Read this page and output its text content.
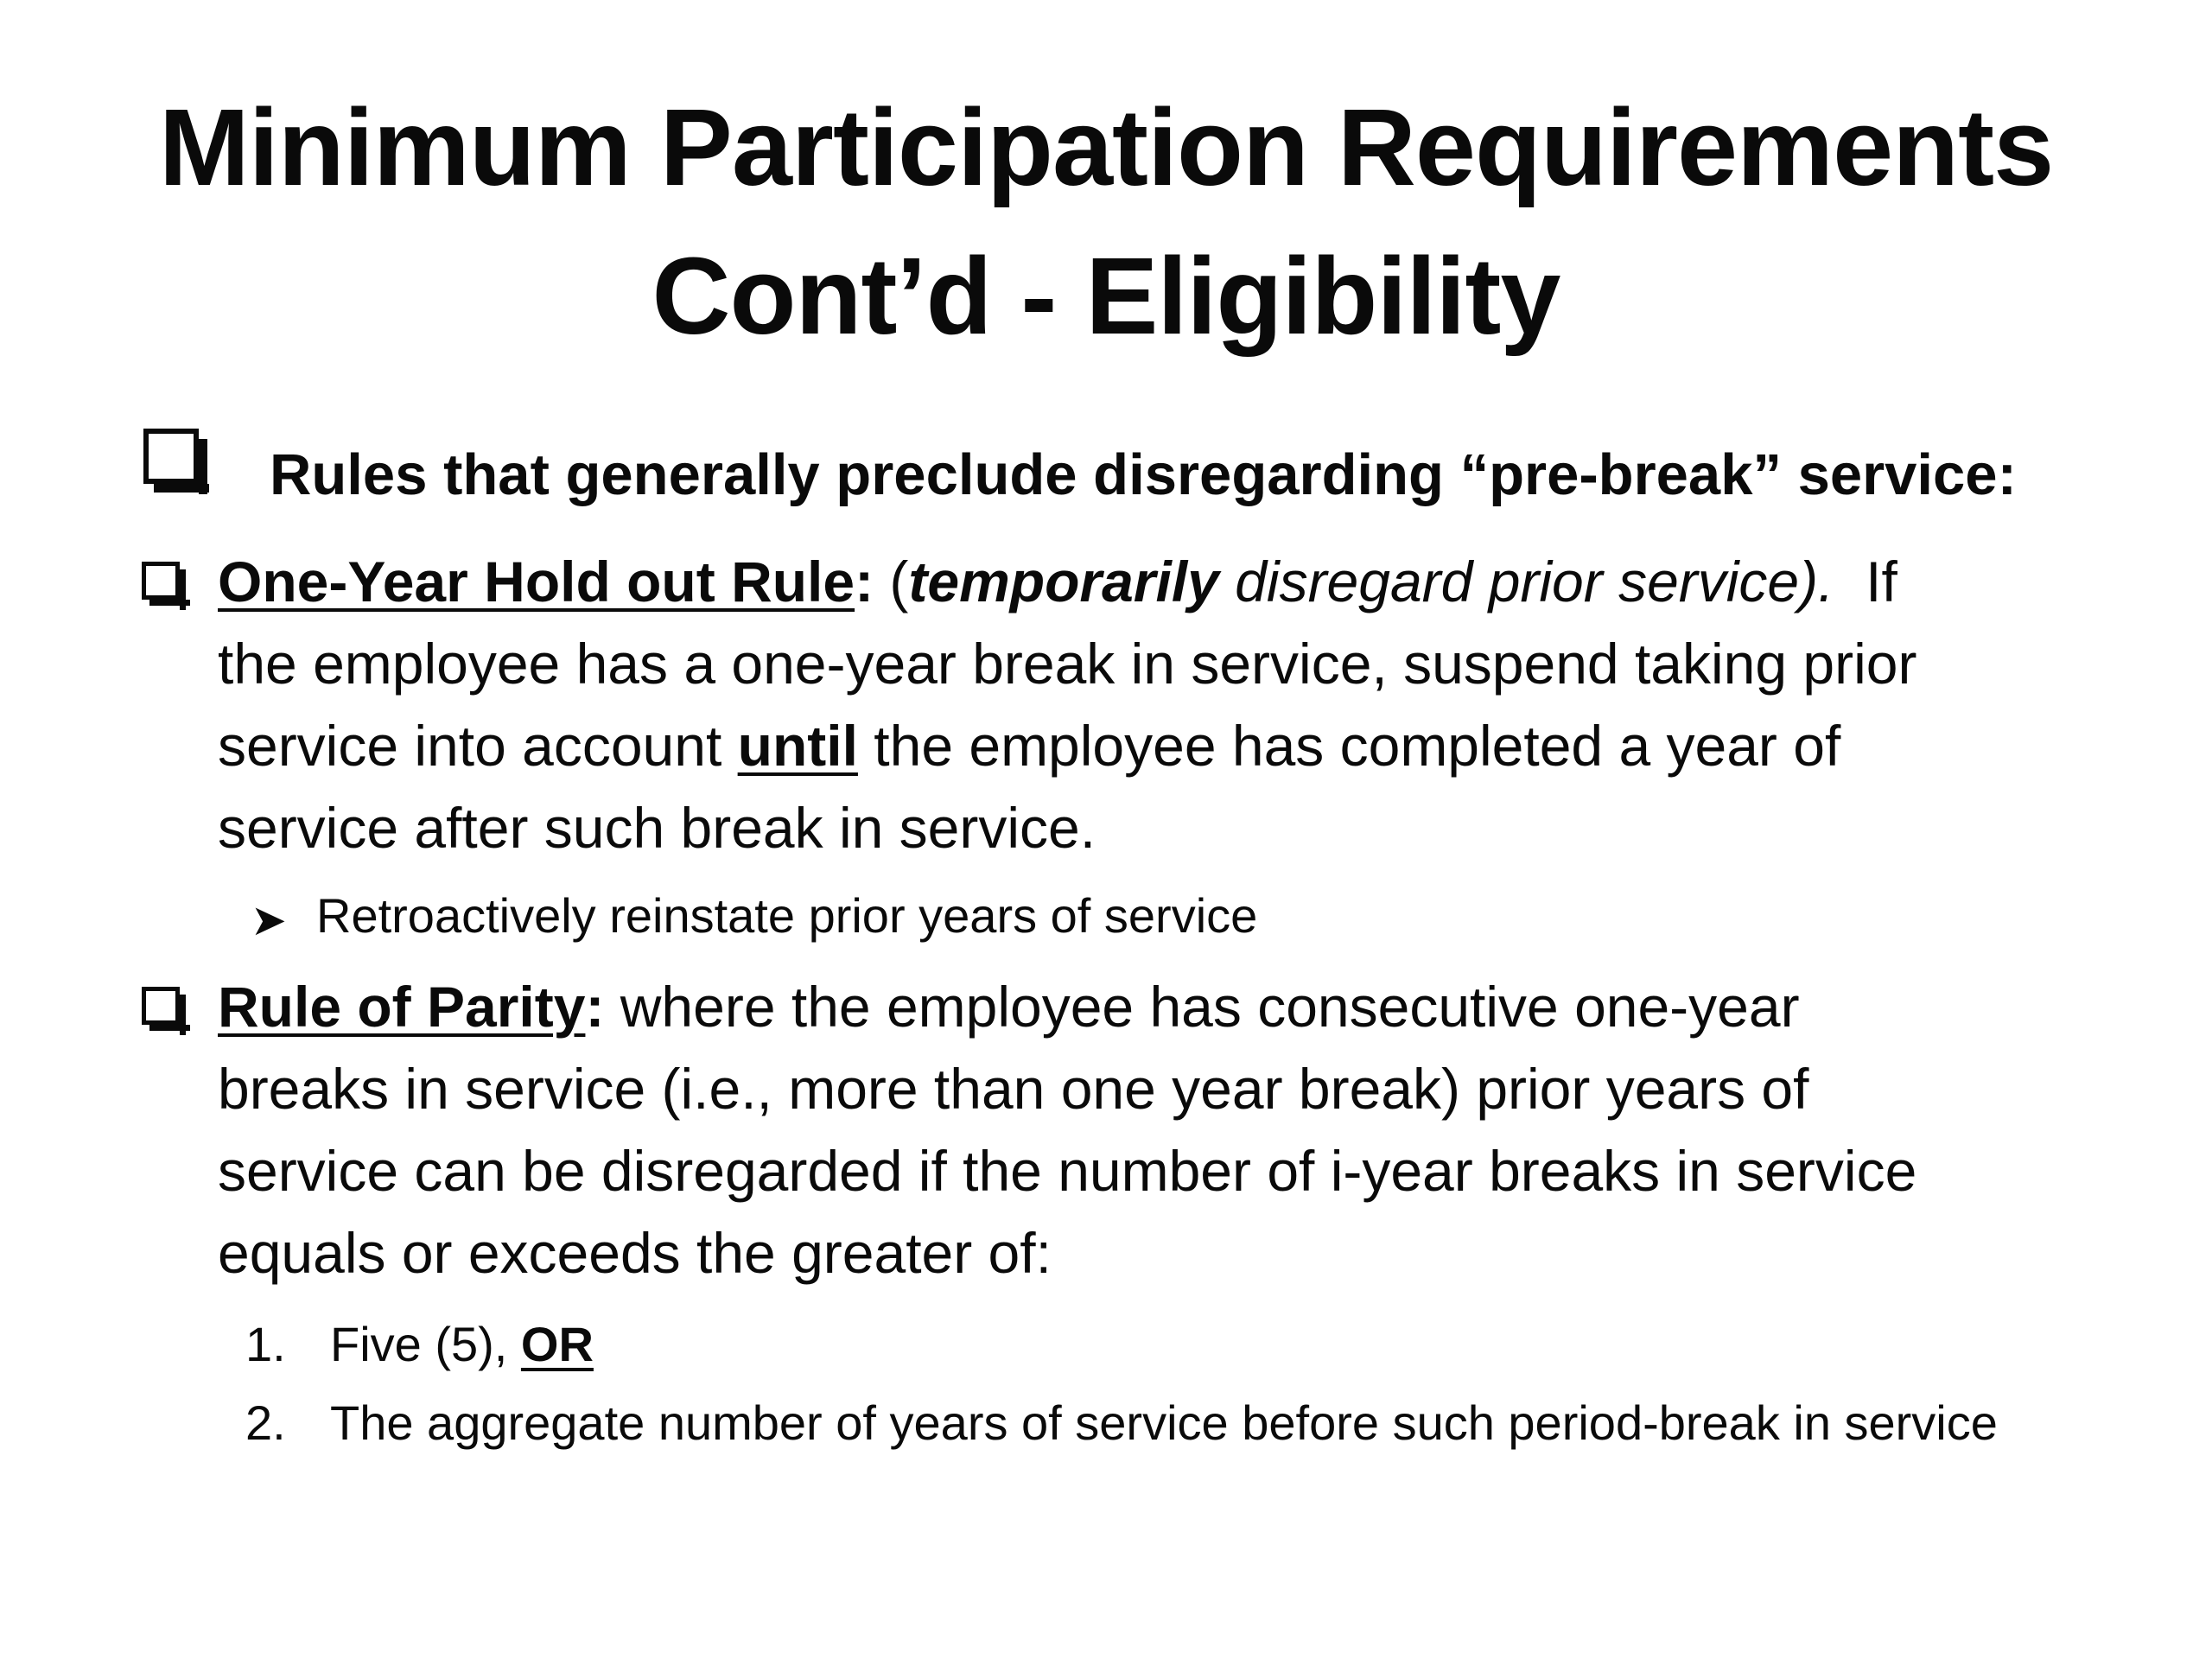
Minimum Participation Requirements
Cont’d - Eligibility
Rules that generally preclude disregarding “pre-break” service:
One-Year Hold out Rule: (temporarily disregard prior service).  If
the employee has a one-year break in service, suspend taking prior
service into account until the employee has completed a year of
service after such break in service.
➤ Retroactively reinstate prior years of service
Rule of Parity: where the employee has consecutive one-year
breaks in service (i.e., more than one year break) prior years of
service can be disregarded if the number of i-year breaks in service
equals or exceeds the greater of:
1. Five (5), OR
2. The aggregate number of years of service before such period-break in service
